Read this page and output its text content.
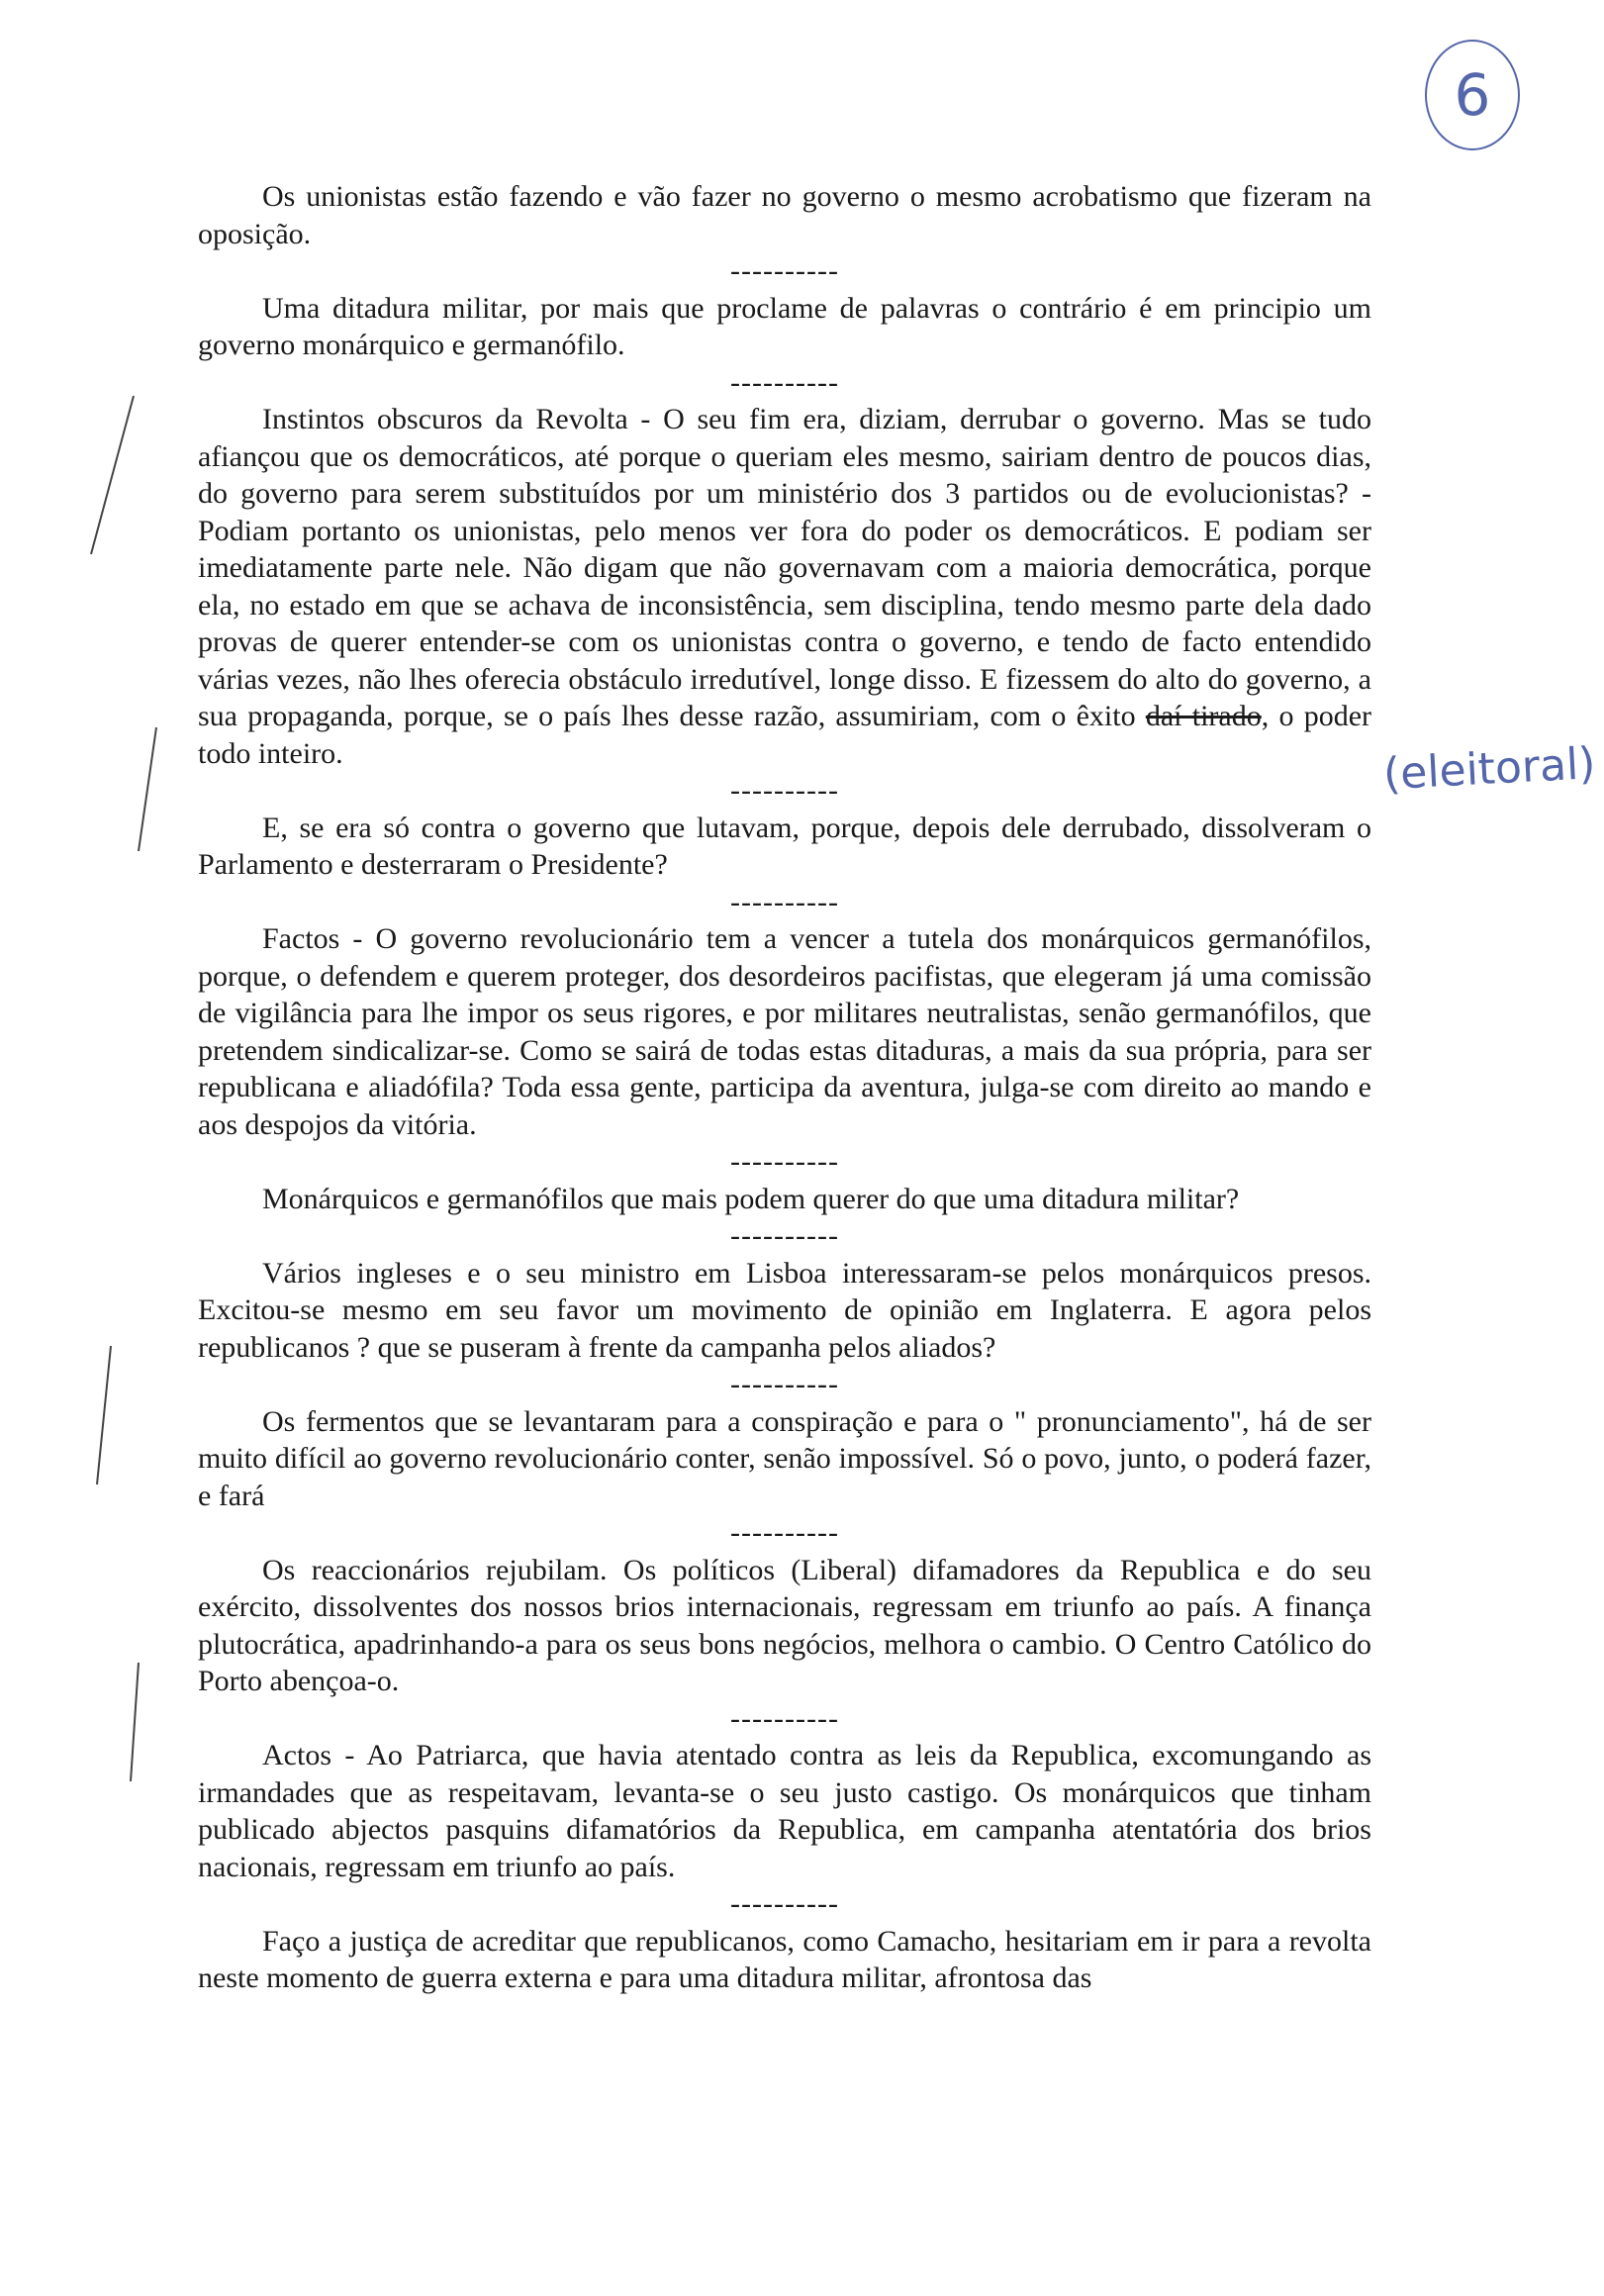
6
(eleitoral)

Os unionistas estão fazendo e vão fazer no governo o mesmo acrobatismo que fizeram na oposição.

----------

Uma ditadura militar, por mais que proclame de palavras o contrário é em principio um governo monárquico e germanófilo.

----------

Instintos obscuros da Revolta - O seu fim era, diziam, derrubar o governo. Mas se tudo afiançou que os democráticos, até porque o queriam eles mesmo, sairiam dentro de poucos dias, do governo para serem substituídos por um ministério dos 3 partidos ou de evolucionistas? - Podiam portanto os unionistas, pelo menos ver fora do poder os democráticos. E podiam ser imediatamente parte nele. Não digam que não governavam com a maioria democrática, porque ela, no estado em que se achava de inconsistência, sem disciplina, tendo mesmo parte dela dado provas de querer entender-se com os unionistas contra o governo, e tendo de facto entendido várias vezes, não lhes oferecia obstáculo irredutível, longe disso. E fizessem do alto do governo, a sua propaganda, porque, se o país lhes desse razão, assumiriam, com o êxito daí tirado, o poder todo inteiro.

----------

E, se era só contra o governo que lutavam, porque, depois dele derrubado, dissolveram o Parlamento e desterraram o Presidente?

----------

Factos - O governo revolucionário tem a vencer a tutela dos monárquicos germanófilos, porque, o defendem e querem proteger, dos desordeiros pacifistas, que elegeram já uma comissão de vigilância para lhe impor os seus rigores, e por militares neutralistas, senão germanófilos, que pretendem sindicalizar-se. Como se sairá de todas estas ditaduras, a mais da sua própria, para ser republicana e aliadófila? Toda essa gente, participa da aventura, julga-se com direito ao mando e aos despojos da vitória.

----------

Monárquicos e germanófilos que mais podem querer do que uma ditadura militar?

----------

Vários ingleses e o seu ministro em Lisboa interessaram-se pelos monárquicos presos. Excitou-se mesmo em seu favor um movimento de opinião em Inglaterra. E agora pelos republicanos ? que se puseram à frente da campanha pelos aliados?

----------

Os fermentos que se levantaram para a conspiração e para o " pronunciamento", há de ser muito difícil ao governo revolucionário conter, senão impossível. Só o povo, junto, o poderá fazer, e fará

----------

Os reaccionários rejubilam. Os políticos (Liberal) difamadores da Republica e do seu exército, dissolventes dos nossos brios internacionais, regressam em triunfo ao país. A finança plutocrática, apadrinhando-a para os seus bons negócios, melhora o cambio. O Centro Católico do Porto abençoa-o.

----------

Actos - Ao Patriarca, que havia atentado contra as leis da Republica, excomungando as irmandades que as respeitavam, levanta-se o seu justo castigo. Os monárquicos que tinham publicado abjectos pasquins difamatórios da Republica, em campanha atentatória dos brios nacionais, regressam em triunfo ao país.

----------

Faço a justiça de acreditar que republicanos, como Camacho, hesitariam em ir para a revolta neste momento de guerra externa e para uma ditadura militar, afrontosa das
